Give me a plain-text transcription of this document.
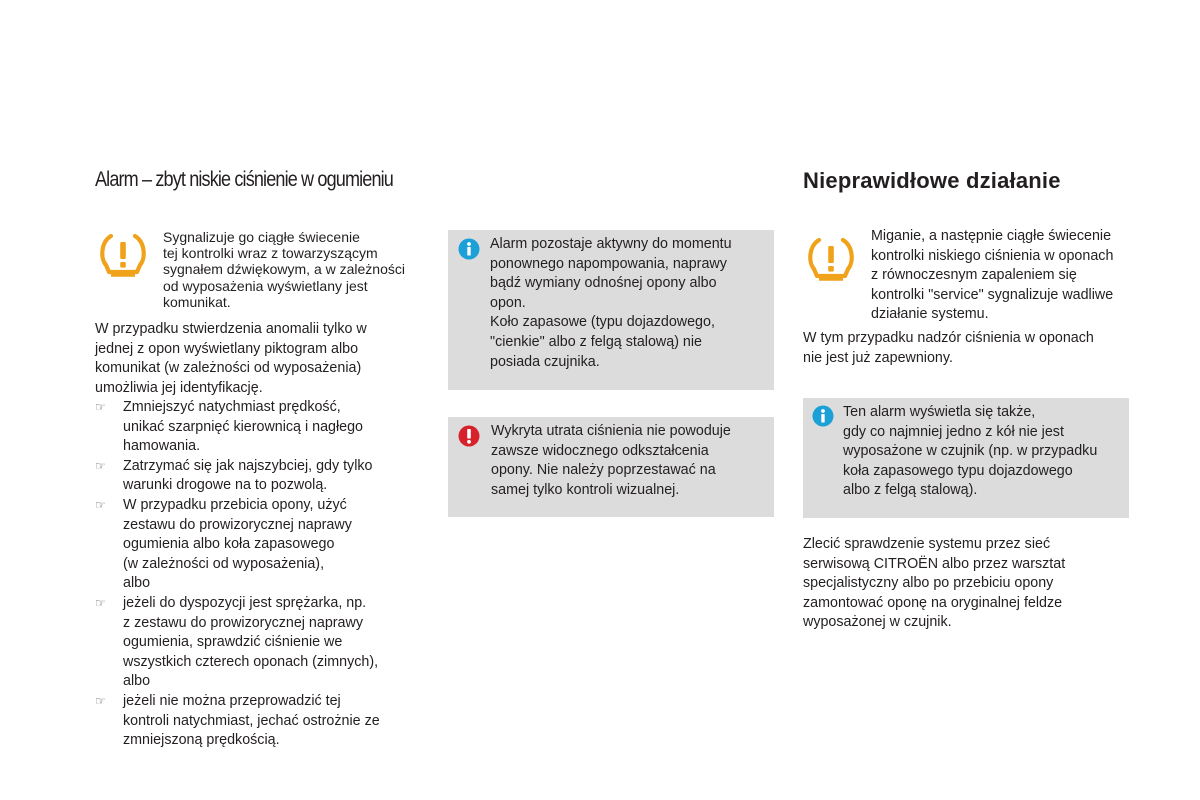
Alarm – zbyt niskie ciśnienie w ogumieniu
Sygnalizuje go ciągłe świecenie
tej kontrolki wraz z towarzyszącym
sygnałem dźwiękowym, a w zależności
od wyposażenia wyświetlany jest
komunikat.
W przypadku stwierdzenia anomalii tylko w
jednej z opon wyświetlany piktogram albo
komunikat (w zależności od wyposażenia)
umożliwia jej identyfikację.
☞ Zmniejszyć natychmiast prędkość,
unikać szarpnięć kierownicą i nagłego
hamowania.
☞ Zatrzymać się jak najszybciej, gdy tylko
warunki drogowe na to pozwolą.
☞ W przypadku przebicia opony, użyć
zestawu do prowizorycznej naprawy
ogumienia albo koła zapasowego
(w zależności od wyposażenia),
albo
☞ jeżeli do dyspozycji jest sprężarka, np.
z zestawu do prowizorycznej naprawy
ogumienia, sprawdzić ciśnienie we
wszystkich czterech oponach (zimnych),
albo
☞ jeżeli nie można przeprowadzić tej
kontroli natychmiast, jechać ostrożnie ze
zmniejszoną prędkością.
Alarm pozostaje aktywny do momentu
ponownego napompowania, naprawy
bądź wymiany odnośnej opony albo
opon.
Koło zapasowe (typu dojazdowego,
"cienkie" albo z felgą stalową) nie
posiada czujnika.
Wykryta utrata ciśnienia nie powoduje
zawsze widocznego odkształcenia
opony. Nie należy poprzestawać na
samej tylko kontroli wizualnej.
Nieprawidłowe działanie
Miganie, a następnie ciągłe świecenie
kontrolki niskiego ciśnienia w oponach
z równoczesnym zapaleniem się
kontrolki "service" sygnalizuje wadliwe
działanie systemu.
W tym przypadku nadzór ciśnienia w oponach
nie jest już zapewniony.
Ten alarm wyświetla się także,
gdy co najmniej jedno z kół nie jest
wyposażone w czujnik (np. w przypadku
koła zapasowego typu dojazdowego
albo z felgą stalową).
Zlecić sprawdzenie systemu przez sieć
serwisową CITROËN albo przez warsztat
specjalistyczny albo po przebiciu opony
zamontować oponę na oryginalnej feldze
wyposażonej w czujnik.
